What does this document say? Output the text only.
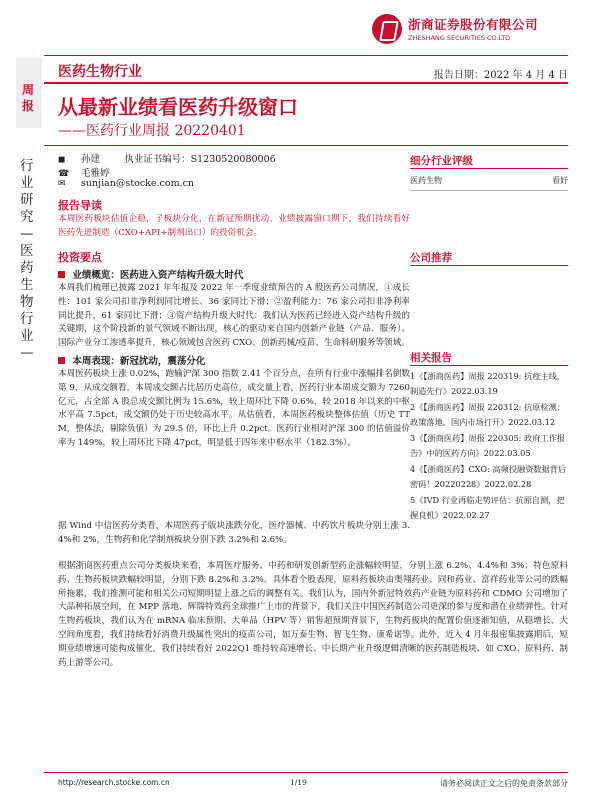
浙商证券股份有限公司
ZHESHANG SECURITIES CO.LTD
周报
医药生物行业	报告日期：2022 年 4 月 4 日
行业研究—医药生物行业—
从最新业绩看医药升级窗口
——医药行业周报 20220401
◼ 孙建	执业证书编号：S1230520080006
☎ 毛雅婷
✉ sunjian@stocke.com.cn
报告导读
本周医药板块估值企稳，子板块分化，在新冠预期扰动、业绩披露窗口期下，我们持续看好医药先进制造（CXO+API+制剂出口）的投资机会。
投资要点
业绩概览：医药进入资产结构升级大时代
本周我们梳理已披露 2021 年年报及 2022 年一季度业绩预告的 A 股医药公司情况，①成长性：101 家公司扣非净利润同比增长、36 家同比下滑；②盈利能力：76 家公司扣非净利率同比提升，61 家同比下滑；③资产结构升级大时代：我们认为医药已经进入资产结构升级的关键期，这个阶段新的景气领域不断出现，核心的驱动来自国内创新产业链（产品、服务）、国际产业分工渗透率提升，核心领域包含医药 CXO、创新药械/疫苗、生命科研服务等领域。
本周表现：新冠扰动，震荡分化
本周医药板块上涨 0.02%，跑输沪深 300 指数 2.41 个百分点，在所有行业中涨幅排名倒数第 9，从成交额看，本周成交额占比居历史高位，成交量上看，医药行业本周成交额为 7260 亿元，占全部 A 股总成交额比例为 15.6%，较上周环比下降 0.6%，较 2018 年以来的中枢水平高 7.5pct，成交额仍处于历史较高水平。从估值看，本周医药板块整体估值（历史 TTM，整体法，剔除负值）为 29.5 倍，环比上升 0.2pct。医药行业相对沪深 300 的估值溢价率为 149%，较上周环比下降 47pct，明显低于四年来中枢水平（182.3%）。
据 Wind 中信医药分类看，本周医药子版块涨跌分化，医疗器械、中药饮片板块分别上涨 3.4%和 2%，生物药和化学制剂板块分别下跌 3.2%和 2.6%。
根据浙商医药重点公司分类板块来看，本周医疗服务、中药和研发创新型药企涨幅较明显，分别上涨 6.2%、4.4%和 3%；特色原料药、生物药板块跌幅较明显，分别下跌 8.2%和 3.2%。具体看个股表现，原料药板块由奥翔药业、同和药业、富祥药业等公司的跌幅所拖累，我们推测可能和相关公司短期明显上涨之后的调整有关。我们认为，国内外新冠特效药产业链为原料药和 CDMO 公司增加了大品种拓展空间，在 MPP 落地、辉瑞特效药全球推广上市的背景下，我们关注中国医药制造公司更深的参与度和潜在业绩弹性。针对生物药板块，我们认为在 mRNA 临床预期、大单品（HPV 等）销售超预期背景下，生物药板块的配置价值逐渐知值，从稳增长、大空间角度看，我们持续看好消费升级属性突出的疫苗公司，如万泰生物、智飞生物、康希诺等。此外，近入 4 月年报密集披露期后，短期业绩增速可能构成催化，我们持续看好 2022Q1 维持较高速增长、中长期产业升级逻辑清晰的医药制造板块、如 CXO、原料药、制药上游等公司。
细分行业评级
医药生物	看好
公司推荐
相关报告
1《【浙商医药】周报 220319: 抗疫主线，制造先行》2022.03.19
2《【浙商医药】周报 220312: 抗原检测：政策落地，国内市场打开》2022.03.12
3《【浙商医药】周报 220305: 政府工作报告》中的医药方向》2022.03.05
4《【浙商医药】CXO: 高频投融资数据背后密码！20220228》2022.02.28
5《IVD 行业再临走势评估：抗原自测，把握良机》2022.02.27
http://research.stocke.com.cn	1/19	请务必阅读正文之后的免责条款部分
